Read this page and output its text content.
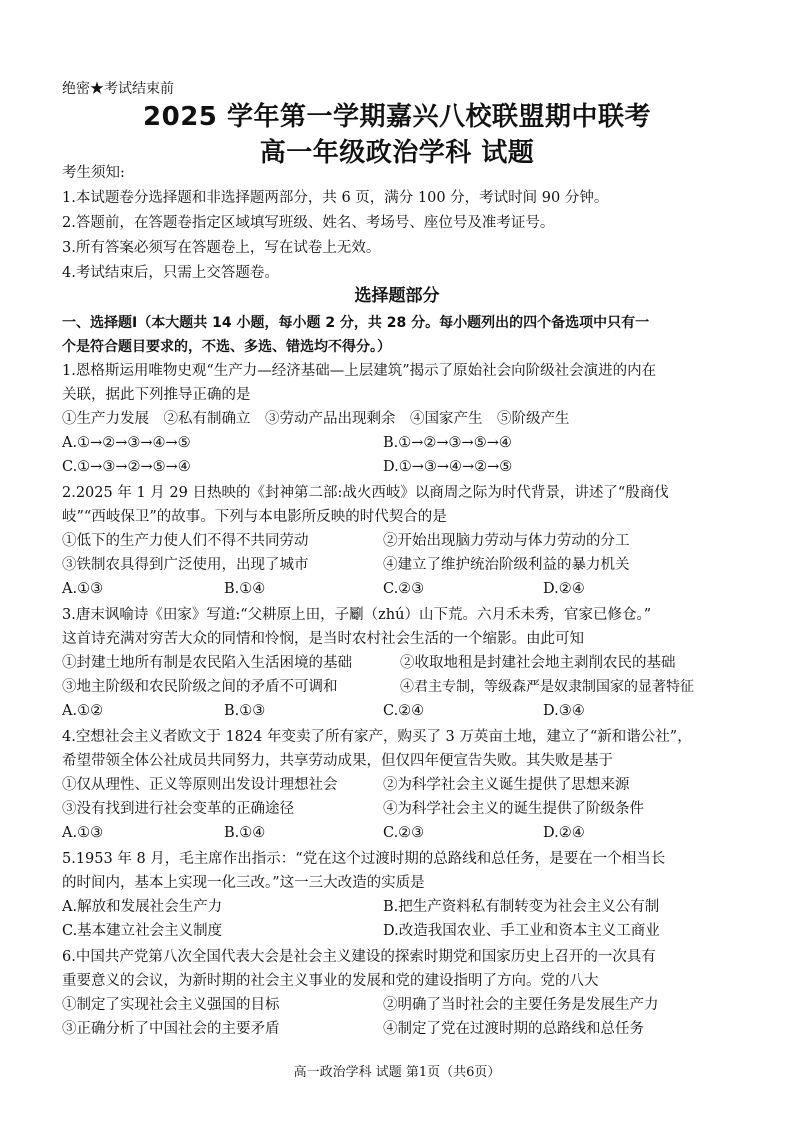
绝密★考试结束前
2025 学年第一学期嘉兴八校联盟期中联考
高一年级政治学科 试题
考生须知:
1.本试题卷分选择题和非选择题两部分，共 6 页，满分 100 分，考试时间 90 分钟。
2.答题前，在答题卷指定区域填写班级、姓名、考场号、座位号及准考证号。
3.所有答案必须写在答题卷上，写在试卷上无效。
4.考试结束后，只需上交答题卷。
选择题部分
一、选择题Ⅰ（本大题共 14 小题，每小题 2 分，共 28 分。每小题列出的四个备选项中只有一
个是符合题目要求的，不选、多选、错选均不得分。）
1.恩格斯运用唯物史观“生产力—经济基础—上层建筑”揭示了原始社会向阶级社会演进的内在
关联，据此下列推导正确的是
①生产力发展　②私有制确立　③劳动产品出现剩余　④国家产生　⑤阶级产生
A.①→②→③→④→⑤	B.①→②→③→⑤→④
C.①→③→②→⑤→④	D.①→③→④→②→⑤
2.2025 年 1 月 29 日热映的《封神第二部:战火西岐》以商周之际为时代背景，讲述了“殷商伐
岐”“西岐保卫”的故事。下列与本电影所反映的时代契合的是
①低下的生产力使人们不得不共同劳动	②开始出现脑力劳动与体力劳动的分工
③铁制农具得到广泛使用，出现了城市	④建立了维护统治阶级利益的暴力机关
A.①③	B.①④	C.②③	D.②④
3.唐末讽喻诗《田家》写道:“父耕原上田，子劚（zhú）山下荒。六月禾未秀，官家已修仓。”
这首诗充满对穷苦大众的同情和怜悯，是当时农村社会生活的一个缩影。由此可知
①封建土地所有制是农民陷入生活困境的基础	②收取地租是封建社会地主剥削农民的基础
③地主阶级和农民阶级之间的矛盾不可调和	④君主专制，等级森严是奴隶制国家的显著特征
A.①②	B.①③	C.②④	D.③④
4.空想社会主义者欧文于 1824 年变卖了所有家产，购买了 3 万英亩土地，建立了“新和谐公社”，
希望带领全体公社成员共同努力，共享劳动成果，但仅四年便宣告失败。其失败是基于
①仅从理性、正义等原则出发设计理想社会	②为科学社会主义诞生提供了思想来源
③没有找到进行社会变革的正确途径	④为科学社会主义的诞生提供了阶级条件
A.①③	B.①④	C.②③	D.②④
5.1953 年 8 月，毛主席作出指示：“党在这个过渡时期的总路线和总任务，是要在一个相当长
的时间内，基本上实现一化三改。”这一三大改造的实质是
A.解放和发展社会生产力	B.把生产资料私有制转变为社会主义公有制
C.基本建立社会主义制度	D.改造我国农业、手工业和资本主义工商业
6.中国共产党第八次全国代表大会是社会主义建设的探索时期党和国家历史上召开的一次具有
重要意义的会议，为新时期的社会主义事业的发展和党的建设指明了方向。党的八大
①制定了实现社会主义强国的目标	②明确了当时社会的主要任务是发展生产力
③正确分析了中国社会的主要矛盾	④制定了党在过渡时期的总路线和总任务
高一政治学科 试题 第1页（共6页）
